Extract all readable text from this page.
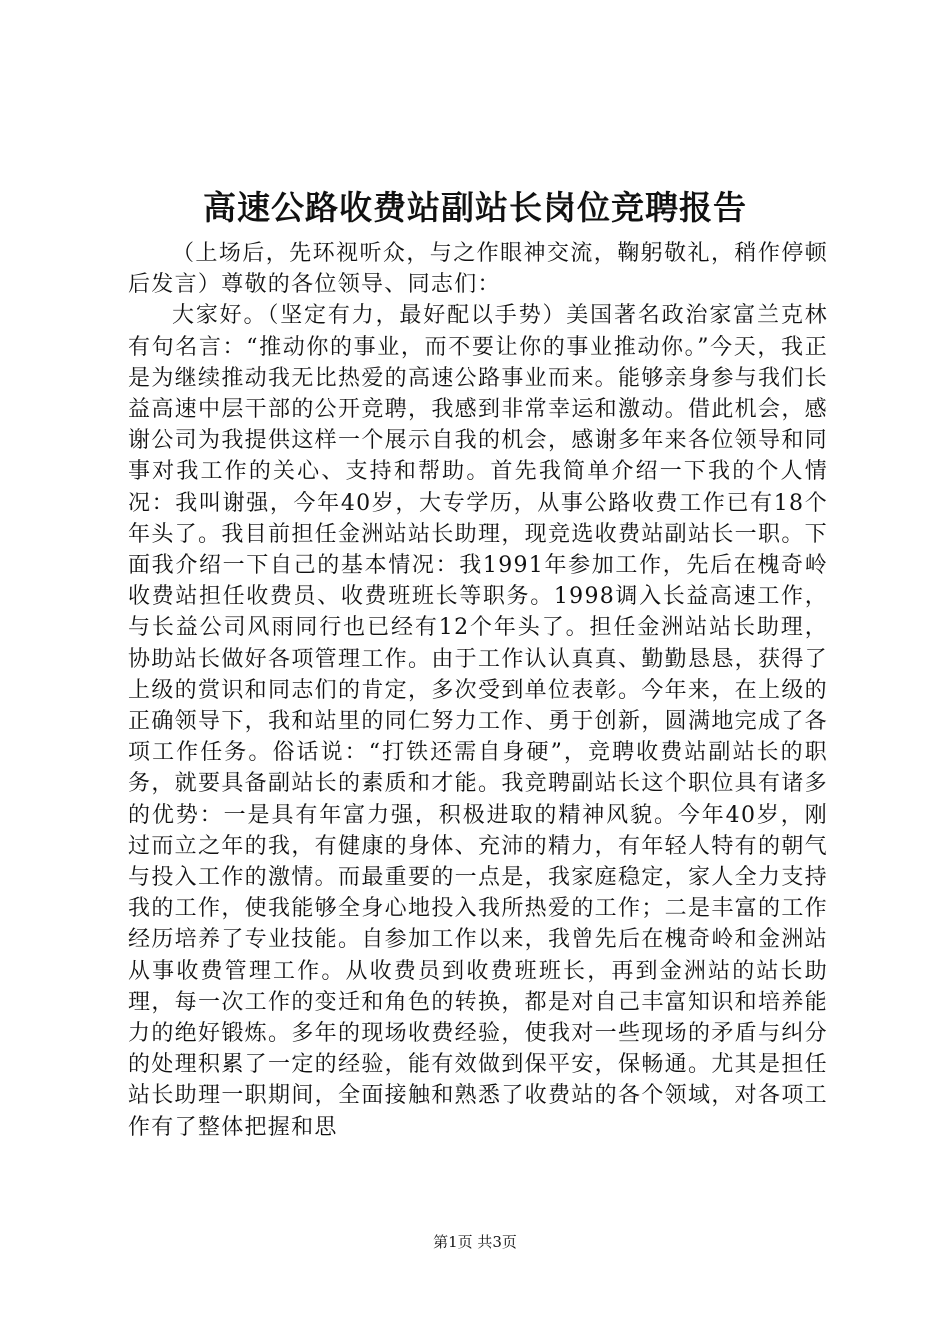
高速公路收费站副站长岗位竞聘报告

（上场后，先环视听众，与之作眼神交流，鞠躬敬礼，稍作停顿后发言）尊敬的各位领导、同志们：

大家好。（坚定有力，最好配以手势）美国著名政治家富兰克林有句名言：“推动你的事业，而不要让你的事业推动你。”今天，我正是为继续推动我无比热爱的高速公路事业而来。能够亲身参与我们长益高速中层干部的公开竞聘，我感到非常幸运和激动。借此机会，感谢公司为我提供这样一个展示自我的机会，感谢多年来各位领导和同事对我工作的关心、支持和帮助。首先我简单介绍一下我的个人情况：我叫谢强，今年40岁，大专学历，从事公路收费工作已有18个年头了。我目前担任金洲站站长助理，现竞选收费站副站长一职。下面我介绍一下自己的基本情况：我1991年参加工作，先后在槐奇岭收费站担任收费员、收费班班长等职务。1998调入长益高速工作，与长益公司风雨同行也已经有12个年头了。担任金洲站站长助理，协助站长做好各项管理工作。由于工作认认真真、勤勤恳恳，获得了上级的赏识和同志们的肯定，多次受到单位表彰。今年来，在上级的正确领导下，我和站里的同仁努力工作、勇于创新，圆满地完成了各项工作任务。俗话说：“打铁还需自身硬”，竞聘收费站副站长的职务，就要具备副站长的素质和才能。我竞聘副站长这个职位具有诸多的优势：一是具有年富力强，积极进取的精神风貌。今年40岁，刚过而立之年的我，有健康的身体、充沛的精力，有年轻人特有的朝气与投入工作的激情。而最重要的一点是，我家庭稳定，家人全力支持我的工作，使我能够全身心地投入我所热爱的工作；二是丰富的工作经历培养了专业技能。自参加工作以来，我曾先后在槐奇岭和金洲站从事收费管理工作。从收费员到收费班班长，再到金洲站的站长助理，每一次工作的变迁和角色的转换，都是对自己丰富知识和培养能力的绝好锻炼。多年的现场收费经验，使我对一些现场的矛盾与纠分的处理积累了一定的经验，能有效做到保平安，保畅通。尤其是担任站长助理一职期间，全面接触和熟悉了收费站的各个领域，对各项工作有了整体把握和思

第1页 共3页
